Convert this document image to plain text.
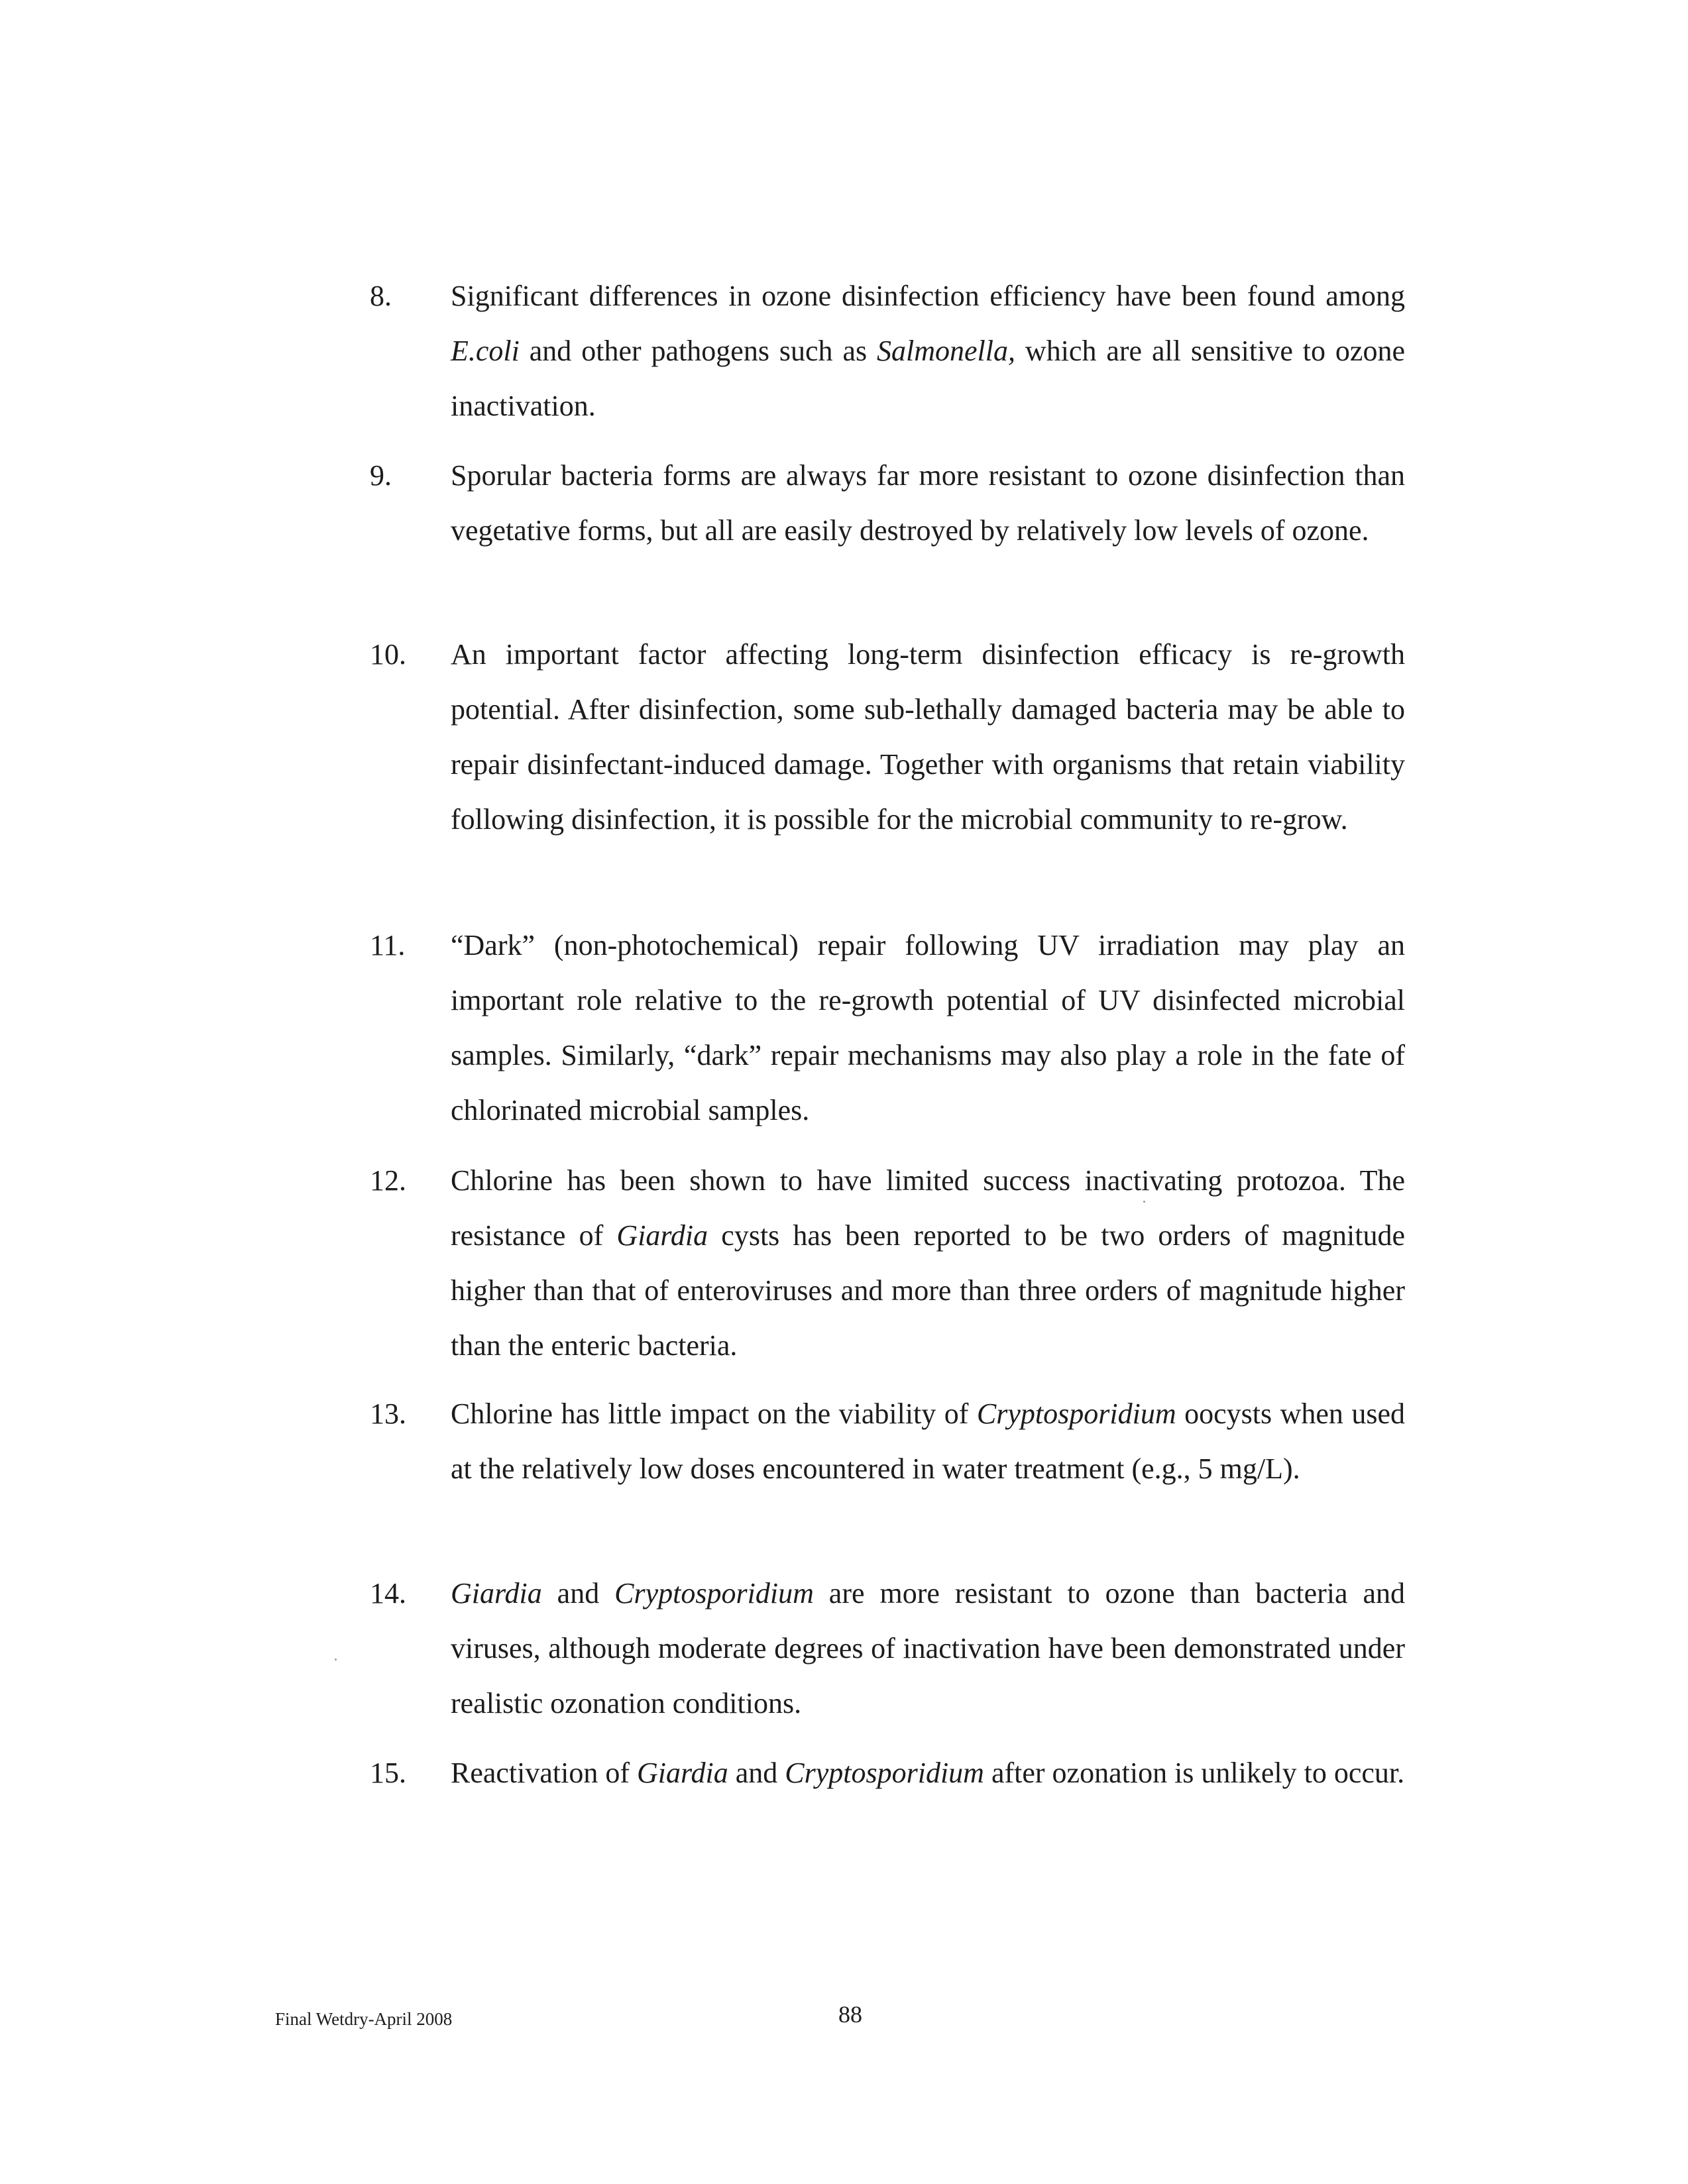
8. Significant differences in ozone disinfection efficiency have been found among E.coli and other pathogens such as Salmonella, which are all sensitive to ozone inactivation.
9. Sporular bacteria forms are always far more resistant to ozone disinfection than vegetative forms, but all are easily destroyed by relatively low levels of ozone.
10. An important factor affecting long-term disinfection efficacy is re-growth potential. After disinfection, some sub-lethally damaged bacteria may be able to repair disinfectant-induced damage. Together with organisms that retain viability following disinfection, it is possible for the microbial community to re-grow.
11. “Dark” (non-photochemical) repair following UV irradiation may play an important role relative to the re-growth potential of UV disinfected microbial samples. Similarly, “dark” repair mechanisms may also play a role in the fate of chlorinated microbial samples.
12. Chlorine has been shown to have limited success inactivating protozoa. The resistance of Giardia cysts has been reported to be two orders of magnitude higher than that of enteroviruses and more than three orders of magnitude higher than the enteric bacteria.
13. Chlorine has little impact on the viability of Cryptosporidium oocysts when used at the relatively low doses encountered in water treatment (e.g., 5 mg/L).
14. Giardia and Cryptosporidium are more resistant to ozone than bacteria and viruses, although moderate degrees of inactivation have been demonstrated under realistic ozonation conditions.
15. Reactivation of Giardia and Cryptosporidium after ozonation is unlikely to occur.
Final Wetdry-April 2008	88
